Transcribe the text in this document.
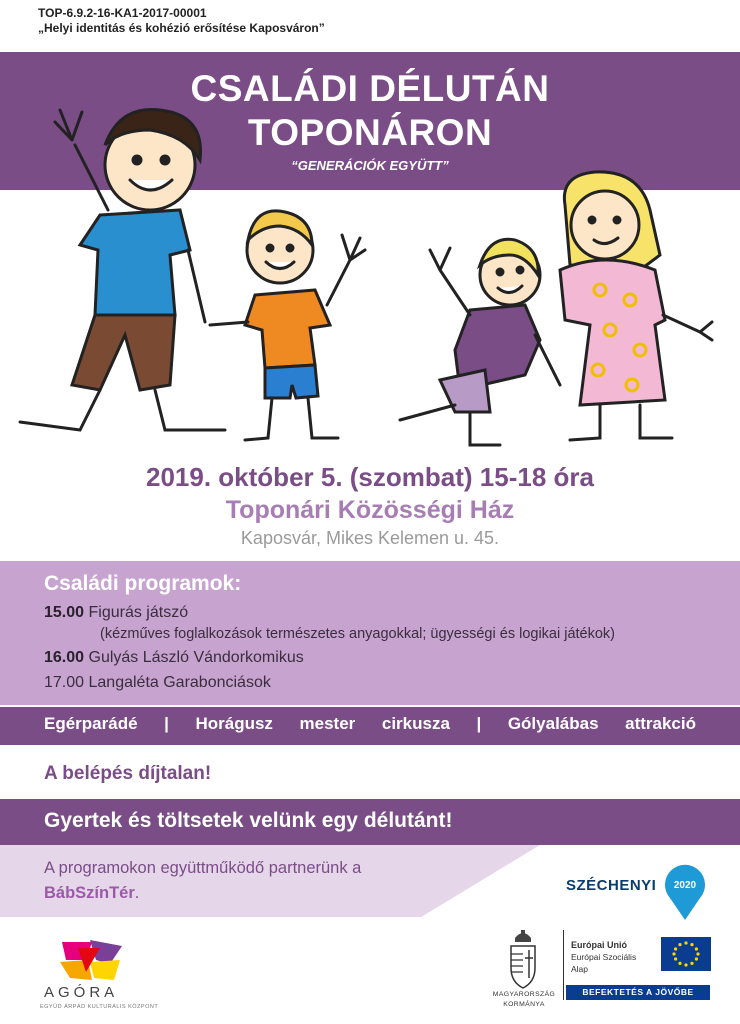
TOP-6.9.2-16-KA1-2017-00001
„Helyi identitás és kohézió erősítése Kaposváron”
CSALÁDI DÉLUTÁN
TOPONÁRON
“GENERÁCIÓK EGYÜTT”
2019. október 5. (szombat) 15-18 óra
Toponári Közösségi Ház
Kaposvár, Mikes Kelemen u. 45.
Családi programok:
15.00 Figurás játszó
(kézműves foglalkozások természetes anyagokkal; ügyességi és logikai játékok)
16.00 Gulyás László Vándorkomikus
17.00 Langaléta Garabonciások
Egérparádé | Horágusz mester cirkusza | Gólyalábas attrakció
A belépés díjtalan!
Gyertek és töltsetek velünk egy délutánt!
A programokon együttműködő partnerünk a
BábSzínTér.	SZÉCHENYI 2020
AGÓRA
EGYÜD ÁRPÁD KULTURÁLIS KÖZPONT
MAGYARORSZÁG
KORMÁNYA
Európai Unió
Európai Szociális
Alap
BEFEKTETÉS A JÖVŐBE
